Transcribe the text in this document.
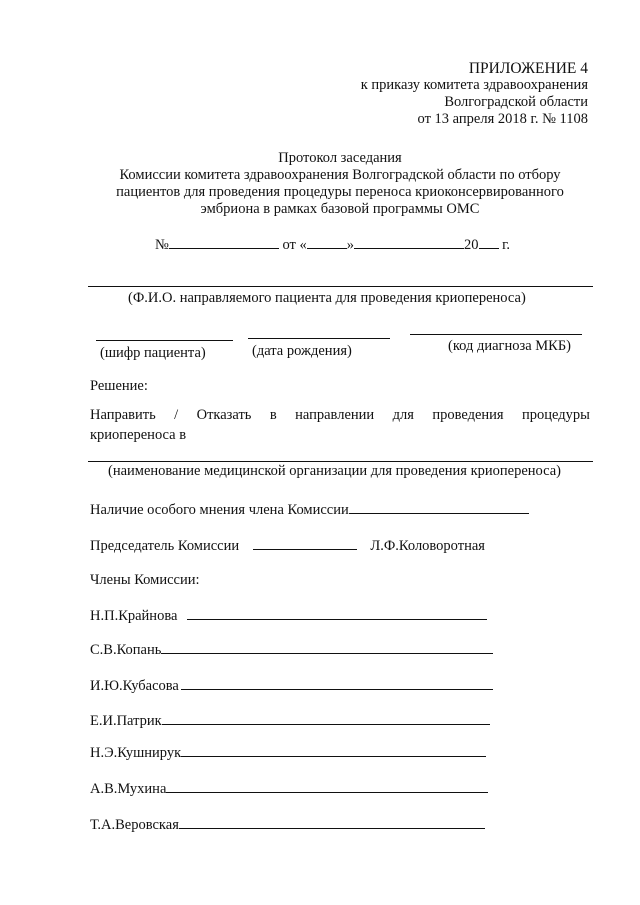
ПРИЛОЖЕНИЕ 4
к приказу комитета здравоохранения
Волгоградской области
от 13 апреля 2018 г. № 1108
Протокол заседания
Комиссии комитета здравоохранения Волгоградской области по отбору
пациентов для проведения процедуры переноса криоконсервированного
эмбриона в рамках базовой программы ОМС
№	от «	»	20 г.
(Ф.И.О. направляемого пациента для проведения криопереноса)
(шифр пациента)	(дата рождения)	(код диагноза МКБ)
Решение:
Направить / Отказать в направлении для проведения процедуры
криопереноса в
(наименование медицинской организации для проведения криопереноса)
Наличие особого мнения члена Комиссии
Председатель Комиссии	Л.Ф.Коловоротная
Члены Комиссии:
Н.П.Крайнова
С.В.Копань
И.Ю.Кубасова
Е.И.Патрик
Н.Э.Кушнирук
А.В.Мухина
Т.А.Веровская
